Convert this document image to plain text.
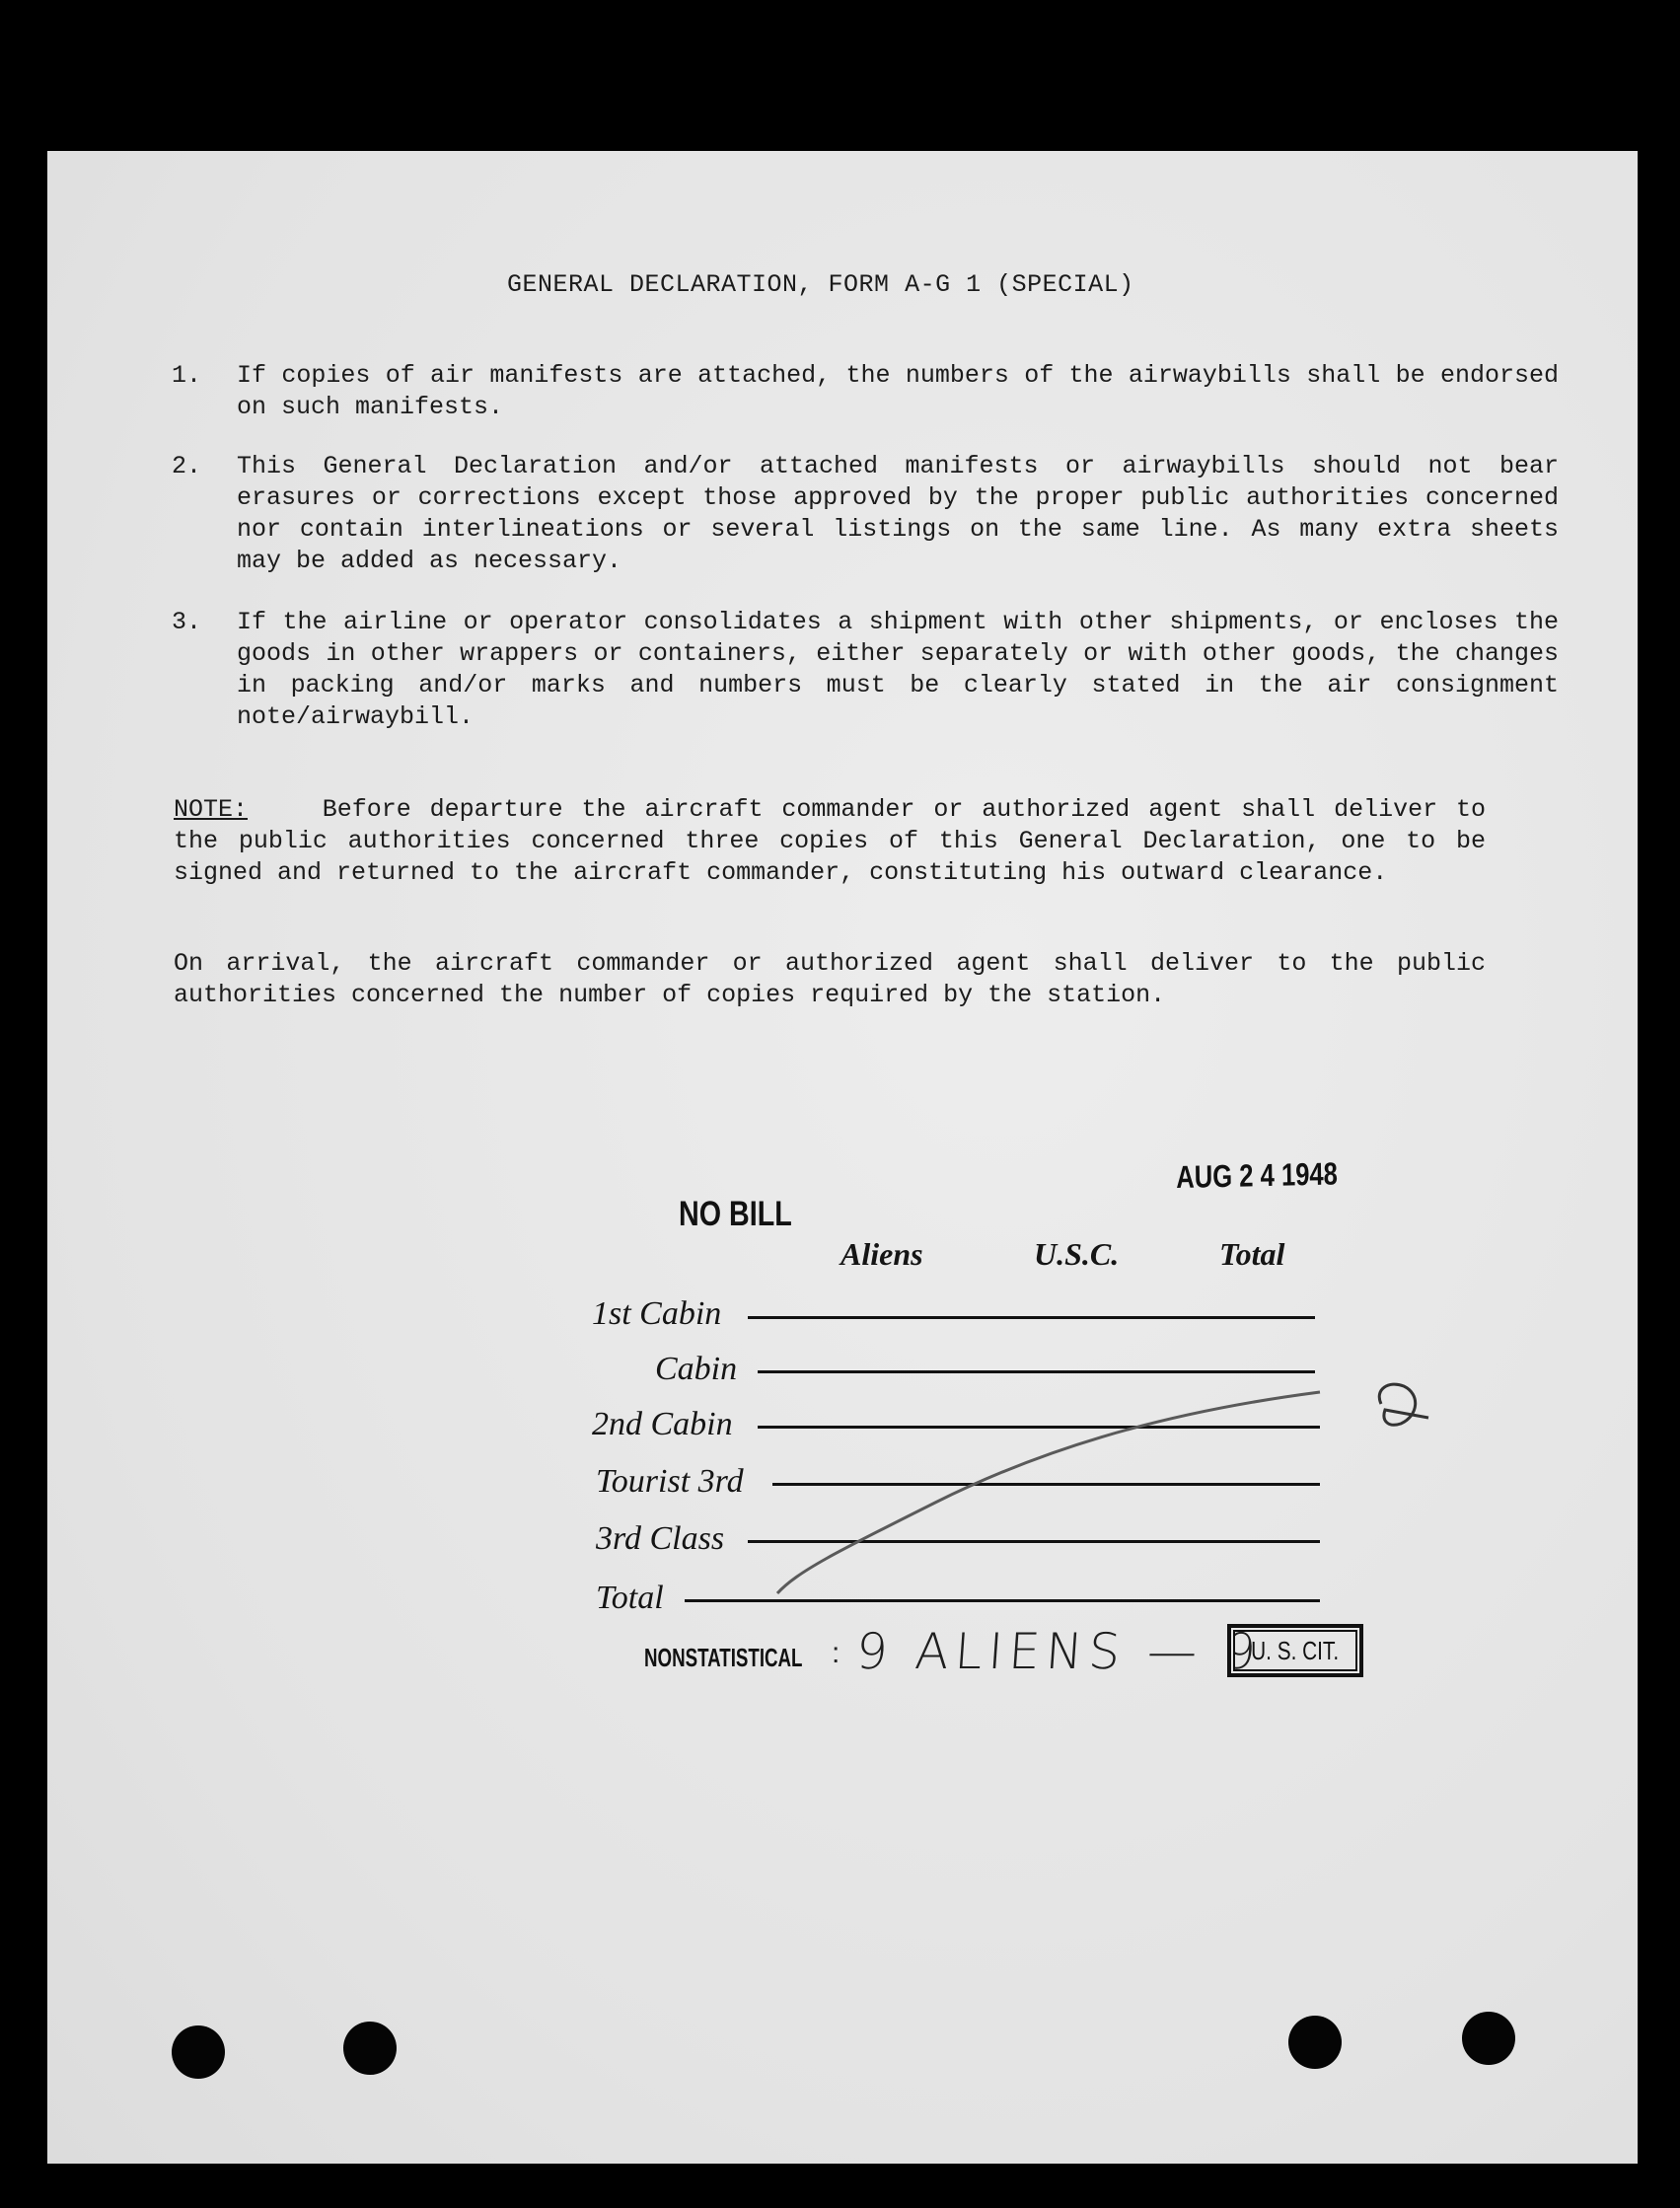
GENERAL DECLARATION, FORM A-G 1 (SPECIAL)
1. If copies of air manifests are attached, the numbers of the airwaybills shall be endorsed on such manifests.
2. This General Declaration and/or attached manifests or airwaybills should not bear erasures or corrections except those approved by the proper public authorities concerned nor contain interlineations or several listings on the same line. As many extra sheets may be added as necessary.
3. If the airline or operator consolidates a shipment with other shipments, or encloses the goods in other wrappers or containers, either separately or with other goods, the changes in packing and/or marks and numbers must be clearly stated in the air consignment note/airwaybill.
NOTE:	Before departure the aircraft commander or authorized agent shall deliver to the public authorities concerned three copies of this General Declaration, one to be signed and returned to the aircraft commander, constituting his outward clearance.
On arrival, the aircraft commander or authorized agent shall deliver to the public authorities concerned the number of copies required by the station.
AUG 2 4 1948
NO BILL
Aliens	U.S.C.	Total
1st Cabin
Cabin
2nd Cabin
Tourist 3rd
3rd Class
Total
NONSTATISTICAL : 9 ALIENS — 9
U. S. CIT.
